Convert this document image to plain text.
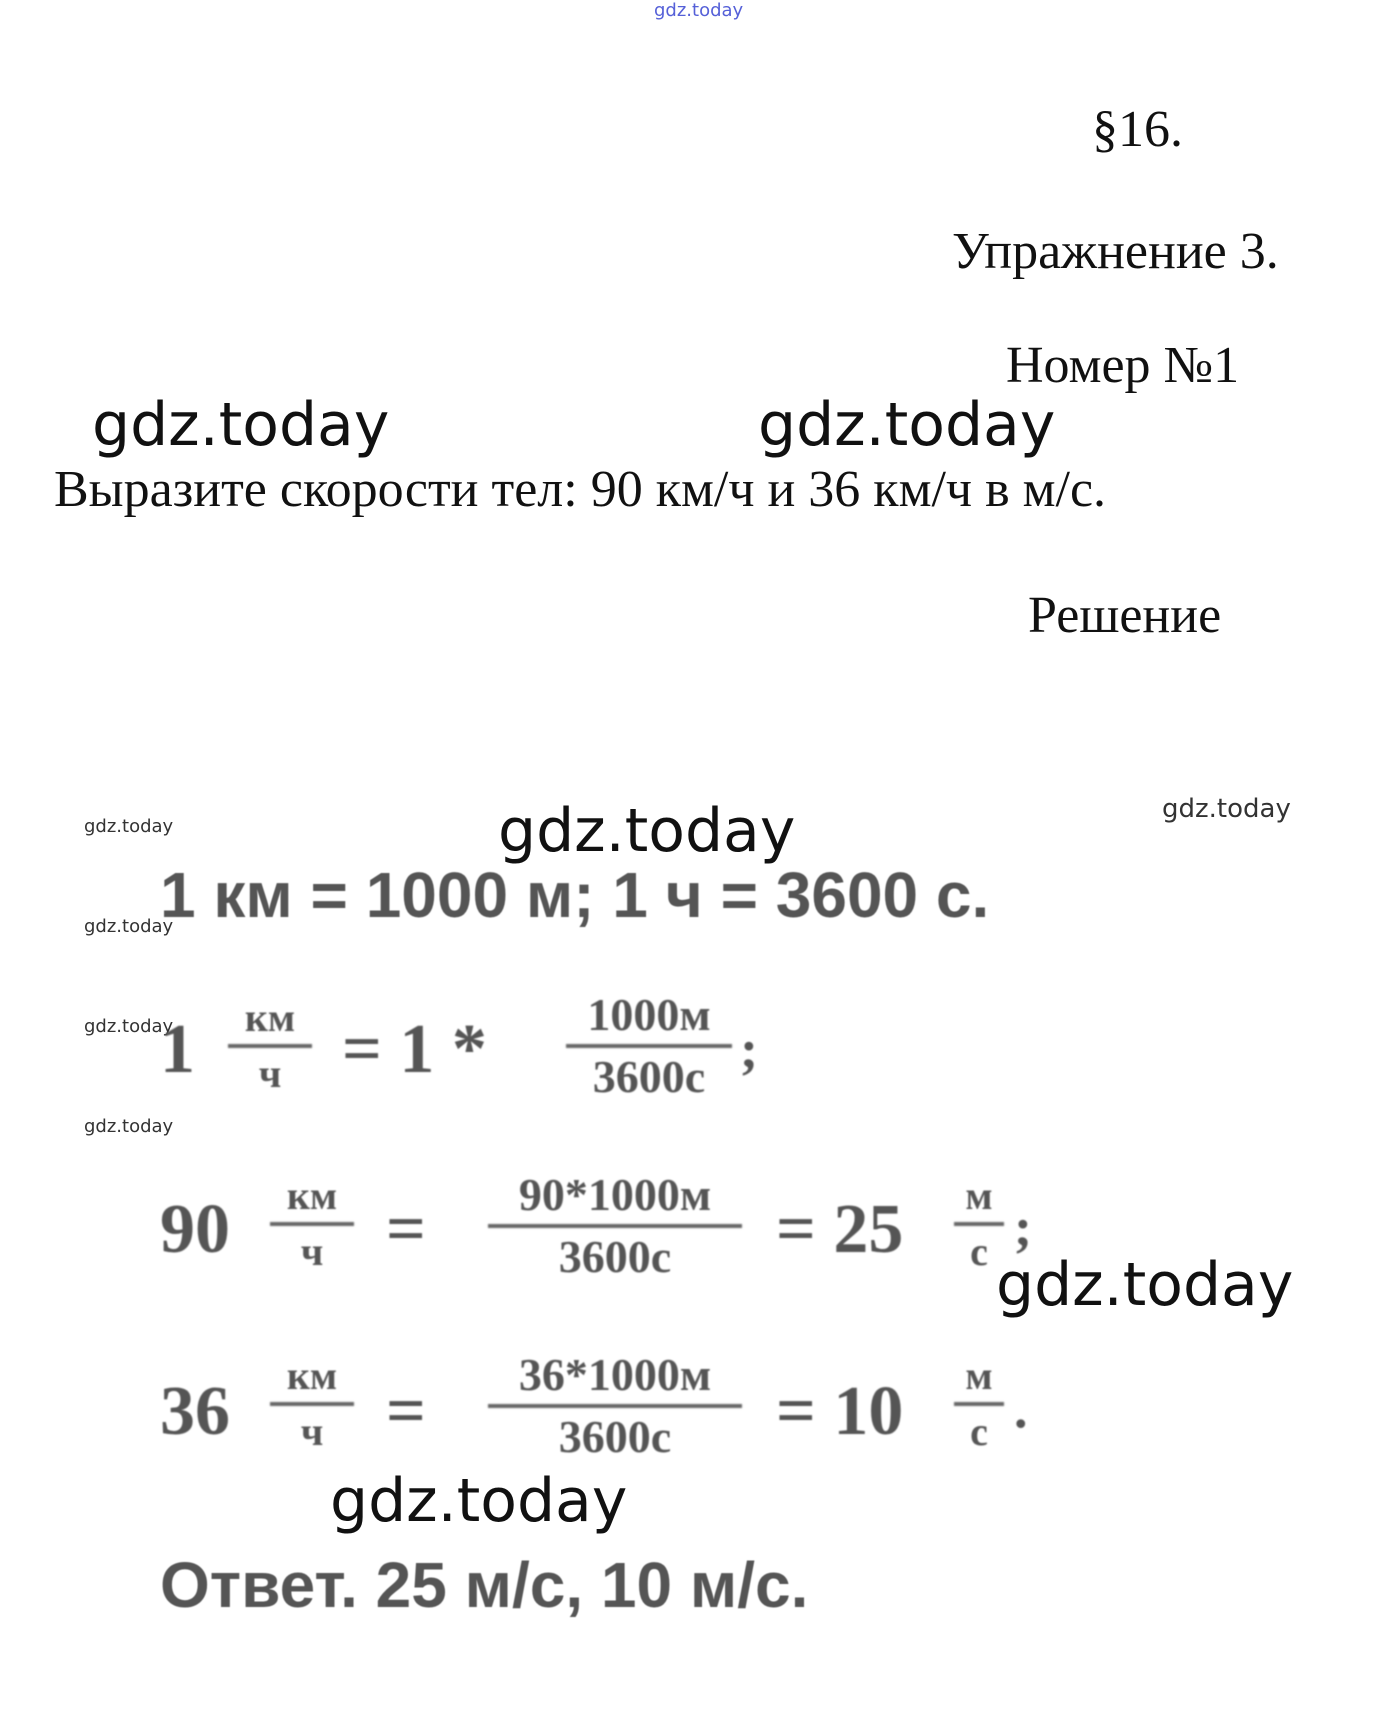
gdz.today
§16.
Упражнение 3.
Номер №1
gdz.today	gdz.today
Выразите скорости тел: 90 км/ч и 36 км/ч в м/с.
Решение
gdz.today	gdz.today	gdz.today
gdz.today
gdz.today
gdz.today
1 км = 1000 м; 1 ч = 3600 с.
1 км
ч = 1 * 1000м
3600с ;
90 км
ч = 90*1000м
3600с = 25 м
с ;
gdz.today
36 км
ч = 36*1000м
3600с = 10 м
с .
gdz.today
Ответ. 25 м/с, 10 м/с.
